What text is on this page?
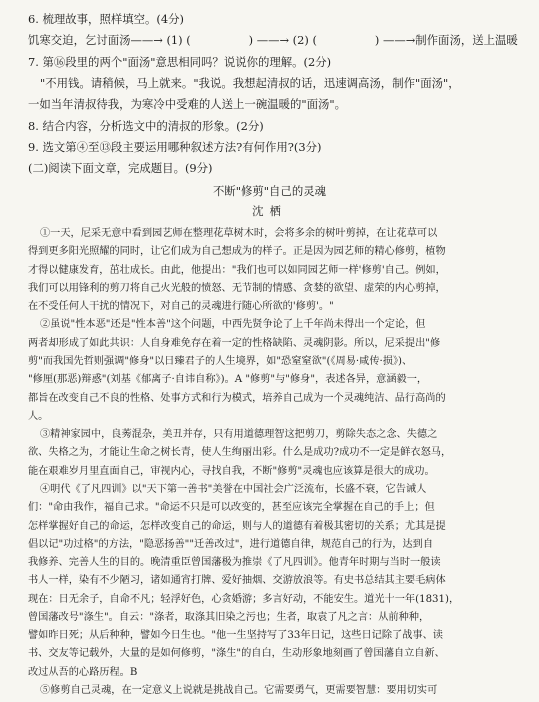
6. 梳理故事，照样填空。(4分)
饥寒交迫，乞讨面汤——→ (1) (	) ——→ (2) (	) ——→制作面汤，送上温暖
7. 第⑯段里的两个"面汤"意思相同吗？说说你的理解。(2分)
"不用钱。请稍候，马上就来。"我说。我想起清叔的话，迅速调高汤，制作"面汤"，
一如当年清叔待我，为寒冷中受难的人送上一碗温暖的"面汤"。
8. 结合内容，分析选文中的清叔的形象。(2分)
9. 选文第④至⑬段主要运用哪种叙述方法?有何作用?(3分)
(二)阅读下面文章，完成题目。(9分)
不断"修剪"自己的灵魂
沈栖
①一天，尼采无意中看到园艺师在整理花草树木时，会将多余的树叶剪掉，在让花草可以
得到更多阳光照耀的同时，让它们成为自己想成为的样子。正是因为园艺师的精心修剪，植物
才得以健康发育，茁壮成长。由此，他提出："我们也可以如同园艺师一样'修剪'自己。例如，
我们可以用锋利的剪刀将自己火光般的愤怒、无节制的情感、贪婪的欲望、虚荣的内心剪掉，
在不受任何人干扰的情况下，对自己的灵魂进行随心所欲的'修剪'。"
②虽说"性本恶"还是"性本善"这个问题，中西先贤争论了上千年尚未得出一个定论，但
两者却形成了如此共识：人自身难免存在着一定的性格缺陷、灵魂阴影。所以，尼采提出"修
剪"而我国先哲则强调"修身"以日臻君子的人生境界，如"恐窒窒欲"(《周易·咸传·损》)、
"修厘(那恶)辩惑"(刘基《郁离子·自讳自称》)。A "修剪"与"修身"，表述各异，意涵毅一，
都旨在改变自己不良的性格、处事方式和行为模式，培养自己成为一个灵魂纯洁、品行高尚的
人。
③精神家园中，良莠混杂，美丑并存，只有用道德理智这把剪刀，剪除失态之念、失德之
欲、失格之为，才能让生命之树长青，使人生绚丽出彩。什么是成功?成功不一定是鲜衣怒马，
能在艰难岁月里直面自己，审视内心，寻找自我，不断"修剪"灵魂也应该算是很大的成功。
④明代《了凡四训》以"天下第一善书"美誉在中国社会广泛流布，长盛不衰，它告诫人
们："命由我作，福自己求。"命运不只是可以改变的，甚至应该完全掌握在自己的手上；但
怎样掌握好自己的命运，怎样改变自己的命运，则与人的道德有着极其密切的关系；尤其是提
倡以记"功过格"的方法，"隐恶扬善""迁善改过"，进行道德自律，规范自己的行为，达到自
我修养、完善人生的目的。晚清重臣曾国藩极为推崇《了凡四训》。他青年时期与当时一般读
书人一样，染有不少陋习，诸如通宵打牌、爱好抽烟、交游放浪等。有史书总结其主要毛病体
现在：日无余子，自命不凡；轻浮好色，心贪婚游；多言好动，不能安生。道光十一年(1831)，
曾国藩改号"涤生"。自云："涤者，取涤其旧染之污也；生者，取袁了凡之言：从前种种，
譬如昨日死；从后种种，譬如今日生也。"他一生坚持写了33年日记，这些日记除了战事、读
书、交友等记载外，大量的是如何修剪，"涤生"的自白，生动形象地刻画了曾国藩自立自新、
改过从吾的心路历程。B
⑤修剪自己灵魂，在一定意义上说就是挑战自己。它需要勇气，更需要智慧：要用切实可
